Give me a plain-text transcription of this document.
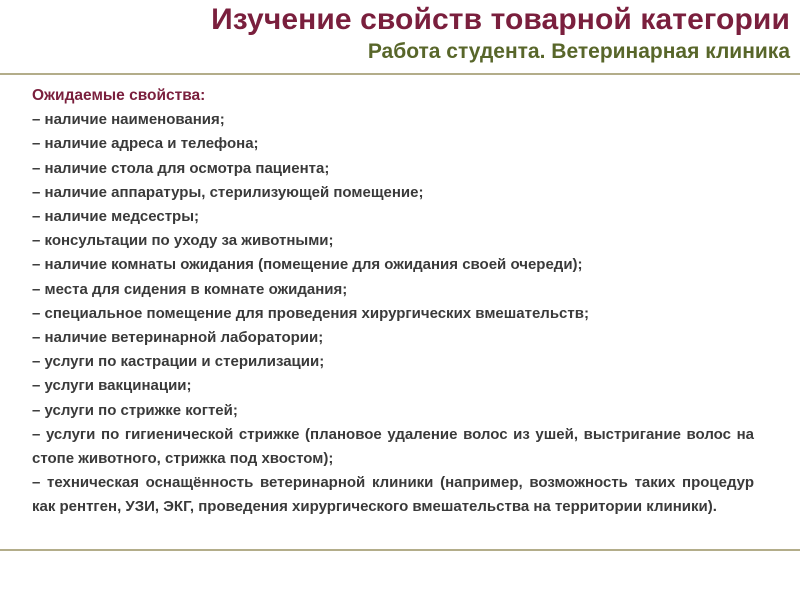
Изучение свойств товарной категории
Работа студента. Ветеринарная клиника
Ожидаемые свойства:
– наличие наименования;
– наличие адреса и телефона;
– наличие стола для осмотра пациента;
– наличие аппаратуры, стерилизующей помещение;
– наличие медсестры;
– консультации по уходу за животными;
– наличие комнаты ожидания (помещение для ожидания своей очереди);
– места для сидения в комнате ожидания;
– специальное помещение для проведения хирургических вмешательств;
– наличие ветеринарной лаборатории;
– услуги по кастрации и стерилизации;
– услуги вакцинации;
– услуги по стрижке когтей;
– услуги по гигиенической стрижке (плановое удаление волос из ушей, выстригание волос на стопе животного, стрижка под хвостом);
– техническая оснащённость ветеринарной клиники (например, возможность таких процедур как рентген, УЗИ, ЭКГ, проведения хирургического вмешательства на территории клиники).
